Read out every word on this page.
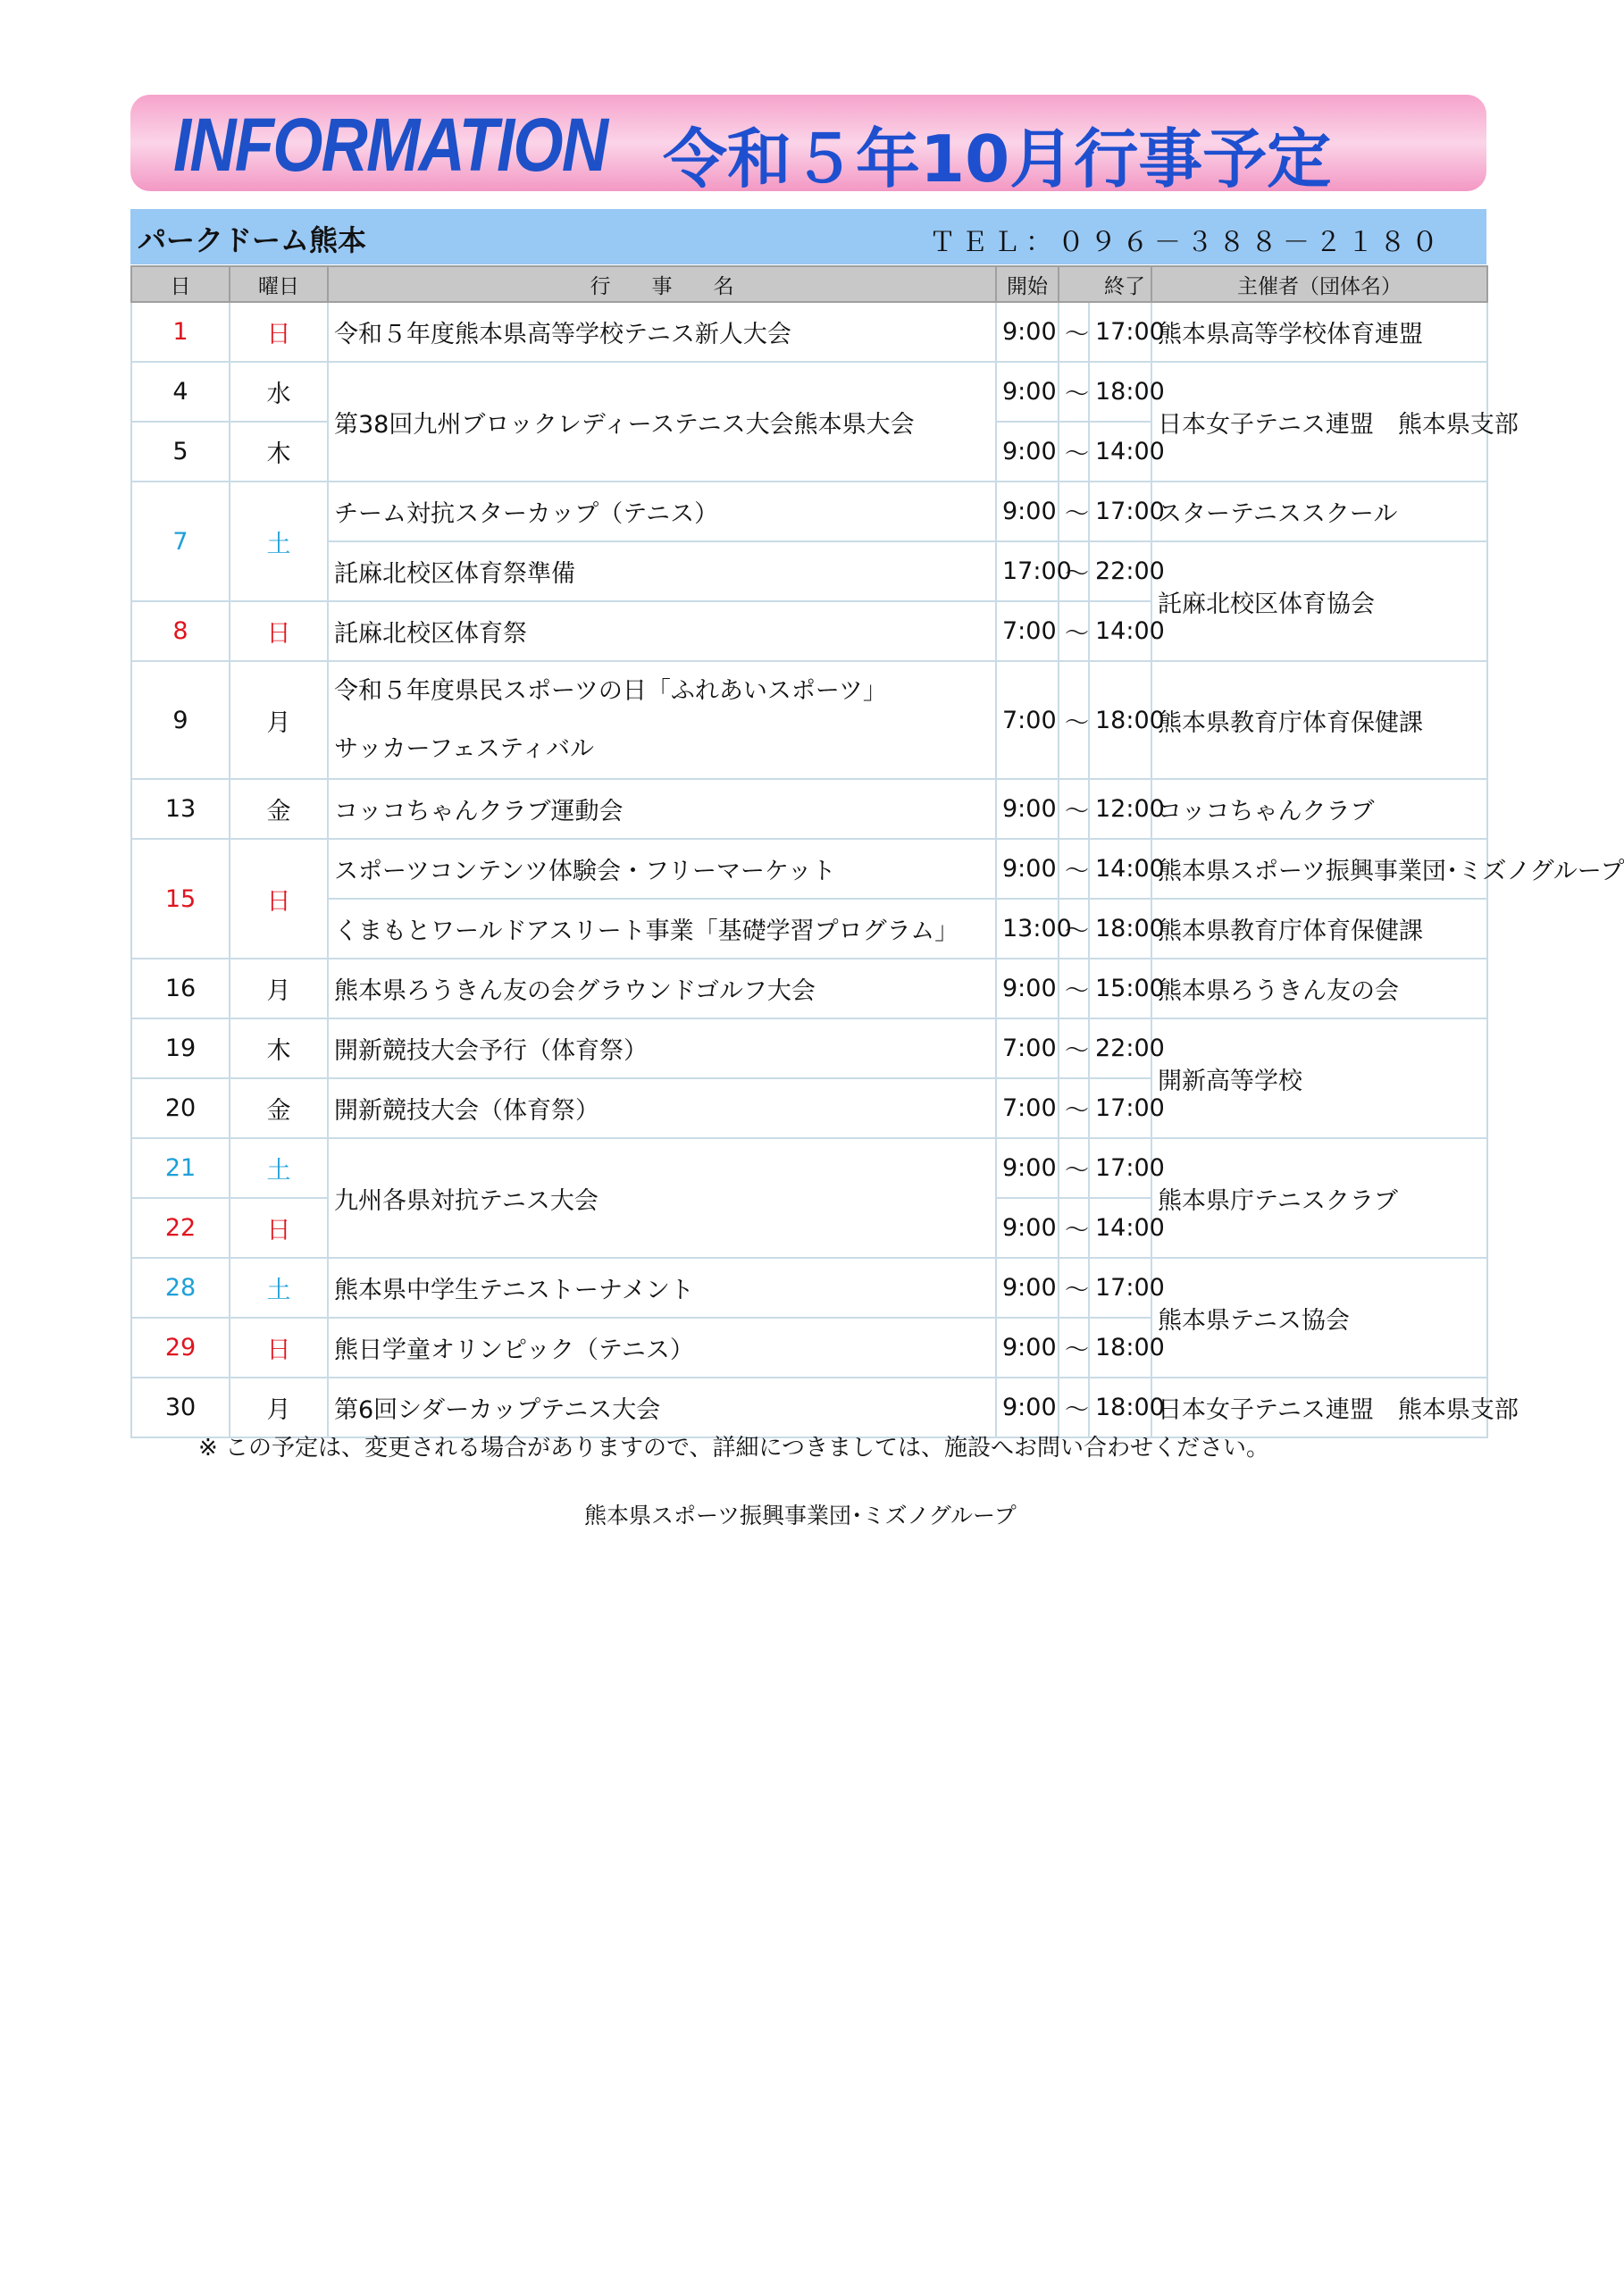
INFORMATION 令和５年10月行事予定
パークドーム熊本	ＴＥＬ：０９６－３８８－２１８０
日	曜日	行　　事　　名	開始	終了		主催者（団体名）
1	日	令和５年度熊本県高等学校テニス新人大会	9:00	～	17:00	熊本県高等学校体育連盟
4	水	第38回九州ブロックレディーステニス大会熊本県大会	9:00	～	18:00	日本女子テニス連盟　熊本県支部
5	木		9:00	～	14:00	
7	土	チーム対抗スターカップ（テニス）	9:00	～	17:00	スターテニススクール
		託麻北校区体育祭準備	17:00	～	22:00	託麻北校区体育協会
8	日	託麻北校区体育祭	7:00	～	14:00	
9	月	令和５年度県民スポーツの日「ふれあいスポーツ」
サッカーフェスティバル	7:00	～	18:00	熊本県教育庁体育保健課
13	金	コッコちゃんクラブ運動会	9:00	～	12:00	コッコちゃんクラブ
15	日	スポーツコンテンツ体験会・フリーマーケット	9:00	～	14:00	熊本県スポーツ振興事業団･ミズノグループ
		くまもとワールドアスリート事業「基礎学習プログラム」	13:00	～	18:00	熊本県教育庁体育保健課
16	月	熊本県ろうきん友の会グラウンドゴルフ大会	9:00	～	15:00	熊本県ろうきん友の会
19	木	開新競技大会予行（体育祭）	7:00	～	22:00	開新高等学校
20	金	開新競技大会（体育祭）	7:00	～	17:00	
21	土	九州各県対抗テニス大会	9:00	～	17:00	熊本県庁テニスクラブ
22	日		9:00	～	14:00	
28	土	熊本県中学生テニストーナメント	9:00	～	17:00	熊本県テニス協会
29	日	熊日学童オリンピック（テニス）	9:00	～	18:00	
30	月	第6回シダーカップテニス大会	9:00	～	18:00	日本女子テニス連盟　熊本県支部
※ この予定は、変更される場合がありますので、詳細につきましては、施設へお問い合わせください。
熊本県スポーツ振興事業団･ミズノグループ
